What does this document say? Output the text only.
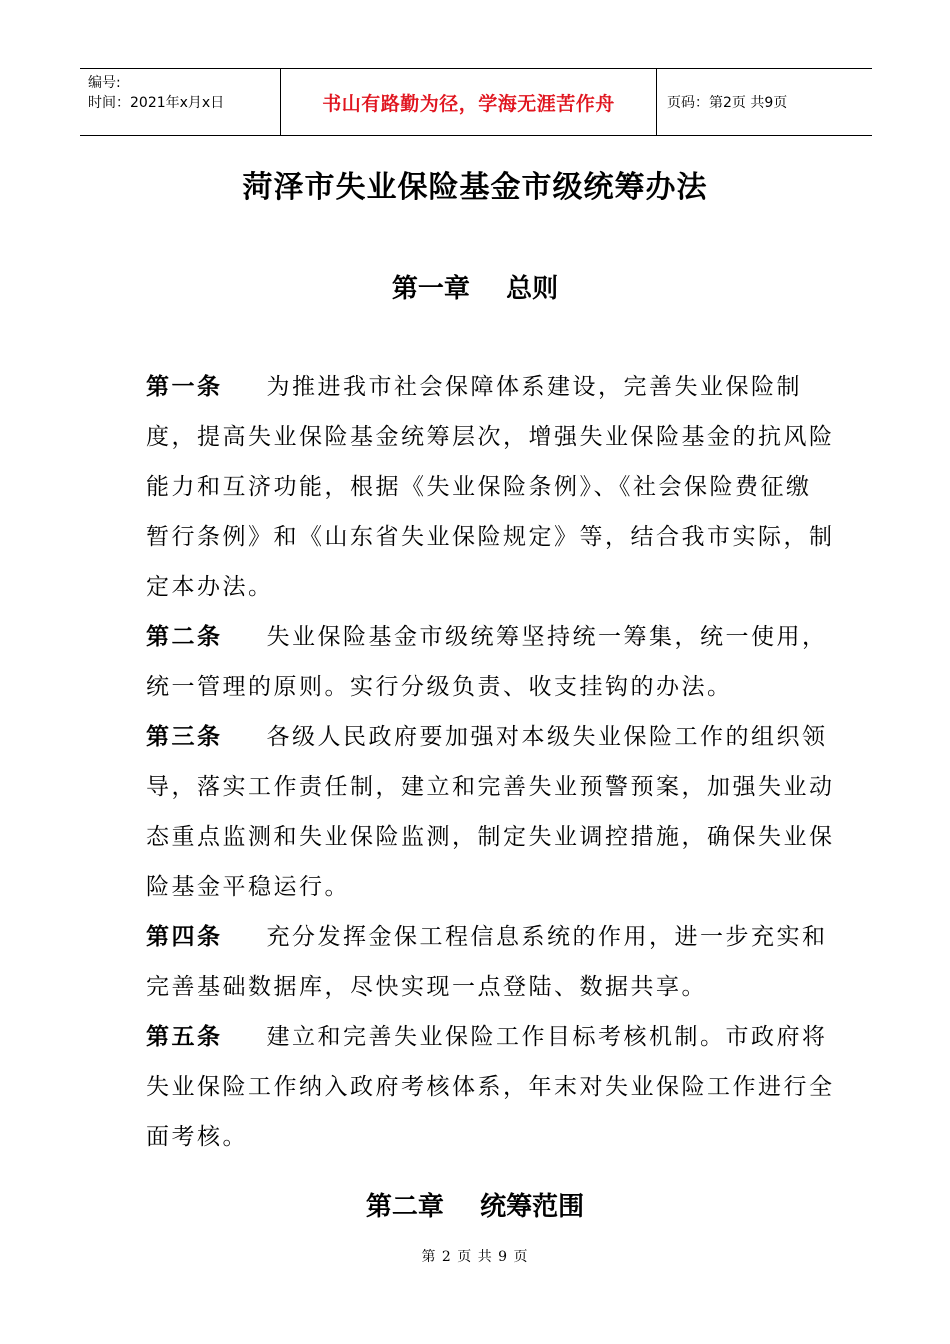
编号:
时间：2021年x月x日	书山有路勤为径，学海无涯苦作舟	页码：第2页 共9页
菏泽市失业保险基金市级统筹办法
第一章    总则

第一条 为推进我市社会保障体系建设，完善失业保险制度，提高失业保险基金统筹层次，增强失业保险基金的抗风险能力和互济功能，根据《失业保险条例》、《社会保险费征缴暂行条例》和《山东省失业保险规定》等，结合我市实际，制定本办法。

第二条 失业保险基金市级统筹坚持统一筹集，统一使用，统一管理的原则。实行分级负责、收支挂钩的办法。

第三条 各级人民政府要加强对本级失业保险工作的组织领导，落实工作责任制，建立和完善失业预警预案，加强失业动态重点监测和失业保险监测，制定失业调控措施，确保失业保险基金平稳运行。

第四条 充分发挥金保工程信息系统的作用，进一步充实和完善基础数据库，尽快实现一点登陆、数据共享。

第五条 建立和完善失业保险工作目标考核机制。市政府将失业保险工作纳入政府考核体系，年末对失业保险工作进行全面考核。

第二章    统筹范围
第 2 页 共 9 页
